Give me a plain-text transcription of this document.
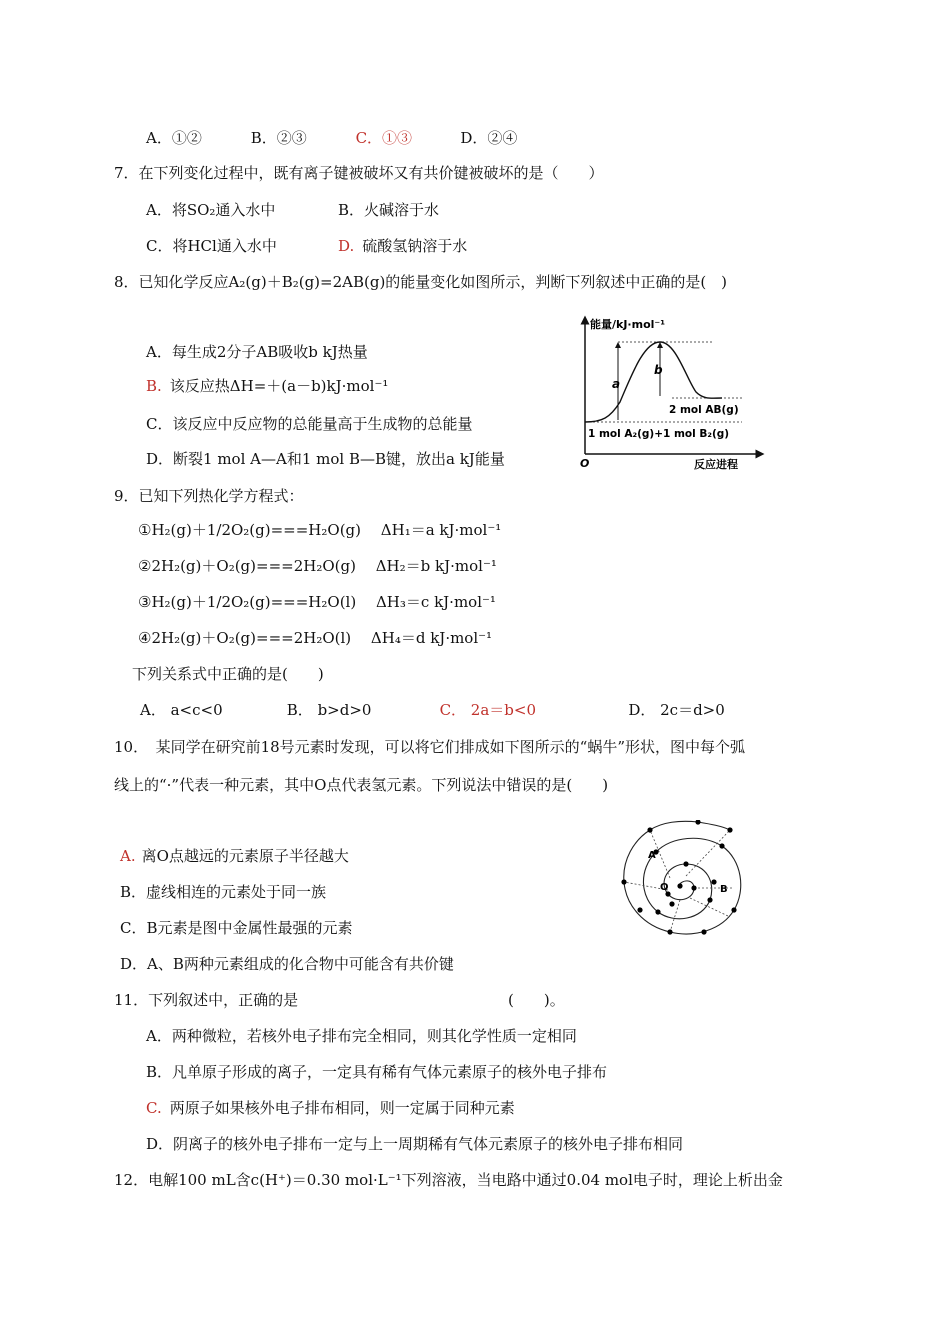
A．①②	B．②③	C．①③	D．②④
7．在下列变化过程中，既有离子键被破坏又有共价键被破坏的是（　　）
A．将SO₂通入水中	B．火碱溶于水
C．将HCl通入水中	D. 硫酸氢钠溶于水
8．已知化学反应A₂(g)＋B₂(g)=2AB(g)的能量变化如图所示，判断下列叙述中正确的是(　)
A．每生成2分子AB吸收b kJ热量
B. 该反应热ΔH=＋(a－b)kJ·mol⁻¹
C．该反应中反应物的总能量高于生成物的总能量
D．断裂1 mol A—A和1 mol B—B键，放出a kJ能量
能量/kJ·mol⁻¹
反应进程
O
a
b
2 mol AB(g)
1 mol A₂(g)+1 mol B₂(g)
9．已知下列热化学方程式：
①H₂(g)＋1/2O₂(g)===H₂O(g)　 ΔH₁＝a kJ·mol⁻¹
②2H₂(g)＋O₂(g)===2H₂O(g)　 ΔH₂＝b kJ·mol⁻¹
③H₂(g)＋1/2O₂(g)===H₂O(l)　 ΔH₃＝c kJ·mol⁻¹
④2H₂(g)＋O₂(g)===2H₂O(l)　 ΔH₄＝d kJ·mol⁻¹
下列关系式中正确的是(　　)
A． a<c<0	B． b>d>0	C． 2a＝b<0	D． 2c＝d>0
10．　某同学在研究前18号元素时发现，可以将它们排成如下图所示的“蜗牛”形状，图中每个弧
线上的“·”代表一种元素，其中O点代表氢元素。下列说法中错误的是(　　)
A. 离O点越远的元素原子半径越大
B．虚线相连的元素处于同一族
C．B元素是图中金属性最强的元素
D．A、B两种元素组成的化合物中可能含有共价键
A
B
O
11．下列叙述中，正确的是	(　　)。
A．两种微粒，若核外电子排布完全相同，则其化学性质一定相同
B．凡单原子形成的离子，一定具有稀有气体元素原子的核外电子排布
C. 两原子如果核外电子排布相同，则一定属于同种元素
D．阴离子的核外电子排布一定与上一周期稀有气体元素原子的核外电子排布相同
12．电解100 mL含c(H⁺)＝0.30 mol·L⁻¹下列溶液，当电路中通过0.04 mol电子时，理论上析出金
